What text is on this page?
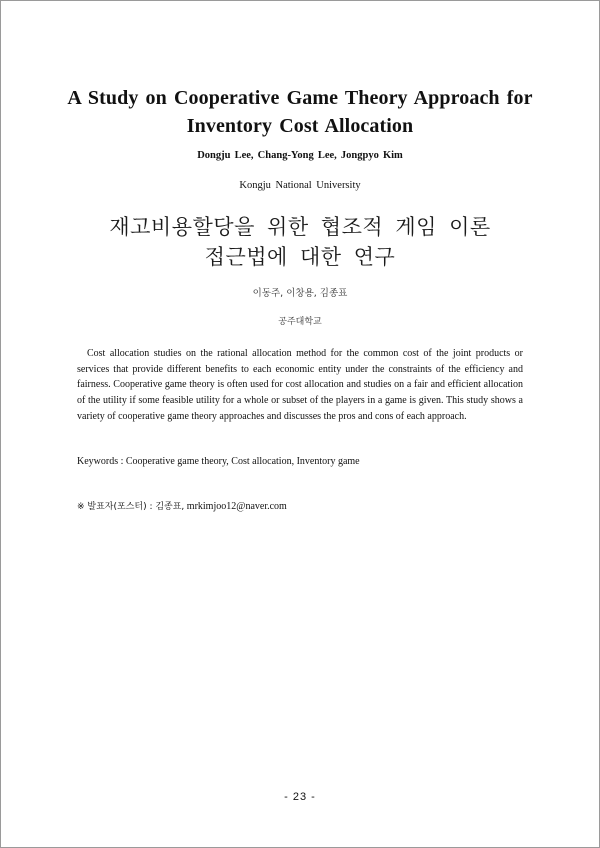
A Study on Cooperative Game Theory Approach for
Inventory Cost Allocation

Dongju Lee, Chang-Yong Lee, Jongpyo Kim

Kongju National University

재고비용할당을 위한 협조적 게임 이론
접근법에 대한 연구

이동주, 이창용, 김종표

공주대학교

Cost allocation studies on the rational allocation method for the common cost of the joint products or services that provide different benefits to each economic entity under the constraints of the efficiency and fairness. Cooperative game theory is often used for cost allocation and studies on a fair and efficient allocation of the utility if some feasible utility for a whole or subset of the players in a game is given. This study shows a variety of cooperative game theory approaches and discusses the pros and cons of each approach.

Keywords : Cooperative game theory, Cost allocation, Inventory game

※ 발표자(포스터) : 김종표, mrkimjoo12@naver.com

- 23 -
